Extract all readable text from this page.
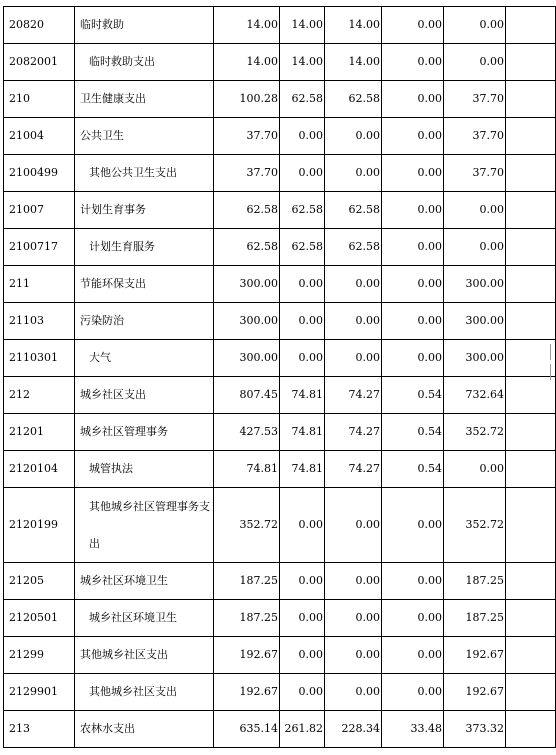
20820	临时救助	14.00	14.00	14.00	0.00	0.00	
2082001	临时救助支出	14.00	14.00	14.00	0.00	0.00	
210	卫生健康支出	100.28	62.58	62.58	0.00	37.70	
21004	公共卫生	37.70	0.00	0.00	0.00	37.70	
2100499	其他公共卫生支出	37.70	0.00	0.00	0.00	37.70	
21007	计划生育事务	62.58	62.58	62.58	0.00	0.00	
2100717	计划生育服务	62.58	62.58	62.58	0.00	0.00	
211	节能环保支出	300.00	0.00	0.00	0.00	300.00	
21103	污染防治	300.00	0.00	0.00	0.00	300.00	
2110301	大气	300.00	0.00	0.00	0.00	300.00	
212	城乡社区支出	807.45	74.81	74.27	0.54	732.64	
21201	城乡社区管理事务	427.53	74.81	74.27	0.54	352.72	
2120104	城管执法	74.81	74.81	74.27	0.54	0.00	
2120199	其他城乡社区管理事务支出	352.72	0.00	0.00	0.00	352.72	
21205	城乡社区环境卫生	187.25	0.00	0.00	0.00	187.25	
2120501	城乡社区环境卫生	187.25	0.00	0.00	0.00	187.25	
21299	其他城乡社区支出	192.67	0.00	0.00	0.00	192.67	
2129901	其他城乡社区支出	192.67	0.00	0.00	0.00	192.67	
213	农林水支出	635.14	261.82	228.34	33.48	373.32	
